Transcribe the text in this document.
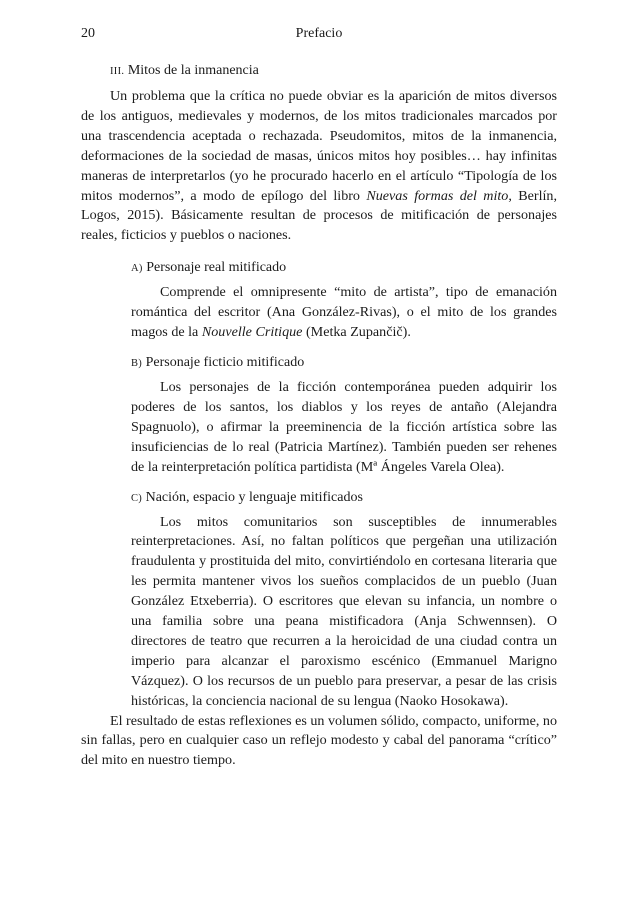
20	Prefacio
III. Mitos de la inmanencia

Un problema que la crítica no puede obviar es la aparición de mitos diversos de los antiguos, medievales y modernos, de los mitos tradicionales marcados por una trascendencia aceptada o rechazada. Pseudomitos, mitos de la inmanencia, deformaciones de la sociedad de masas, únicos mitos hoy posibles… hay infinitas maneras de interpretarlos (yo he procurado hacerlo en el artículo “Tipología de los mitos modernos”, a modo de epílogo del libro Nuevas formas del mito, Berlín, Logos, 2015). Básicamente resultan de procesos de mitificación de personajes reales, ficticios y pueblos o naciones.

A) Personaje real mitificado

Comprende el omnipresente “mito de artista”, tipo de emanación romántica del escritor (Ana González-Rivas), o el mito de los grandes magos de la Nouvelle Critique (Metka Zupančič).

B) Personaje ficticio mitificado

Los personajes de la ficción contemporánea pueden adquirir los poderes de los santos, los diablos y los reyes de antaño (Alejandra Spagnuolo), o afirmar la preeminencia de la ficción artística sobre las insuficiencias de lo real (Patricia Martínez). También pueden ser rehenes de la reinterpretación política partidista (Mª Ángeles Varela Olea).

C) Nación, espacio y lenguaje mitificados

Los mitos comunitarios son susceptibles de innumerables reinterpretaciones. Así, no faltan políticos que pergeñan una utilización fraudulenta y prostituida del mito, convirtiéndolo en cortesana literaria que les permita mantener vivos los sueños complacidos de un pueblo (Juan González Etxeberria). O escritores que elevan su infancia, un nombre o una familia sobre una peana mistificadora (Anja Schwennsen). O directores de teatro que recurren a la heroicidad de una ciudad contra un imperio para alcanzar el paroxismo escénico (Emmanuel Marigno Vázquez). O los recursos de un pueblo para preservar, a pesar de las crisis históricas, la conciencia nacional de su lengua (Naoko Hosokawa).

El resultado de estas reflexiones es un volumen sólido, compacto, uniforme, no sin fallas, pero en cualquier caso un reflejo modesto y cabal del panorama “crítico” del mito en nuestro tiempo.
